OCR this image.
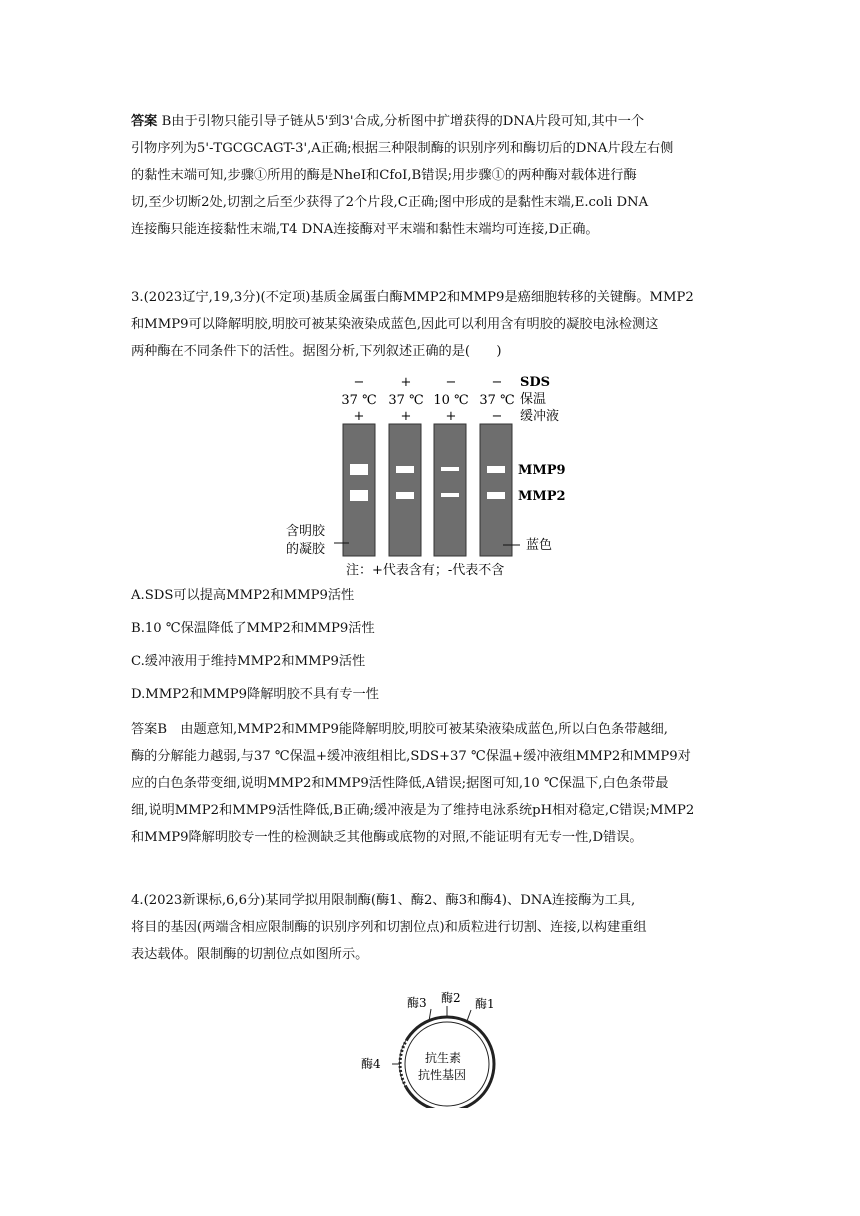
答案 B由于引物只能引导子链从5'到3'合成,分析图中扩增获得的DNA片段可知,其中一个
引物序列为5'-TGCGCAGT-3',A正确;根据三种限制酶的识别序列和酶切后的DNA片段左右侧
的黏性末端可知,步骤①所用的酶是NheⅠ和CfoⅠ,B错误;用步骤①的两种酶对载体进行酶
切,至少切断2处,切割之后至少获得了2个片段,C正确;图中形成的是黏性末端,E.coli DNA
连接酶只能连接黏性末端,T4 DNA连接酶对平末端和黏性末端均可连接,D正确。
3.(2023辽宁,19,3分)(不定项)基质金属蛋白酶MMP2和MMP9是癌细胞转移的关键酶。MMP2
和MMP9可以降解明胶,明胶可被某染液染成蓝色,因此可以利用含有明胶的凝胶电泳检测这
两种酶在不同条件下的活性。据图分析,下列叙述正确的是(　　)
SDS
保温
缓冲液
−
37 ℃
+
+
37 ℃
+
−
10 ℃
+
−
37 ℃
−
MMP9
MMP2
含明胶
的凝胶	蓝色
注：+代表含有；-代表不含
A.SDS可以提高MMP2和MMP9活性
B.10 ℃保温降低了MMP2和MMP9活性
C.缓冲液用于维持MMP2和MMP9活性
D.MMP2和MMP9降解明胶不具有专一性
答案B　由题意知,MMP2和MMP9能降解明胶,明胶可被某染液染成蓝色,所以白色条带越细,
酶的分解能力越弱,与37 ℃保温+缓冲液组相比,SDS+37 ℃保温+缓冲液组MMP2和MMP9对
应的白色条带变细,说明MMP2和MMP9活性降低,A错误;据图可知,10 ℃保温下,白色条带最
细,说明MMP2和MMP9活性降低,B正确;缓冲液是为了维持电泳系统pH相对稳定,C错误;MMP2
和MMP9降解明胶专一性的检测缺乏其他酶或底物的对照,不能证明有无专一性,D错误。
4.(2023新课标,6,6分)某同学拟用限制酶(酶1、酶2、酶3和酶4)、DNA连接酶为工具,
将目的基因(两端含相应限制酶的识别序列和切割位点)和质粒进行切割、连接,以构建重组
表达载体。限制酶的切割位点如图所示。
酶3 酶2 酶1
酶4	抗生素
抗性基因
